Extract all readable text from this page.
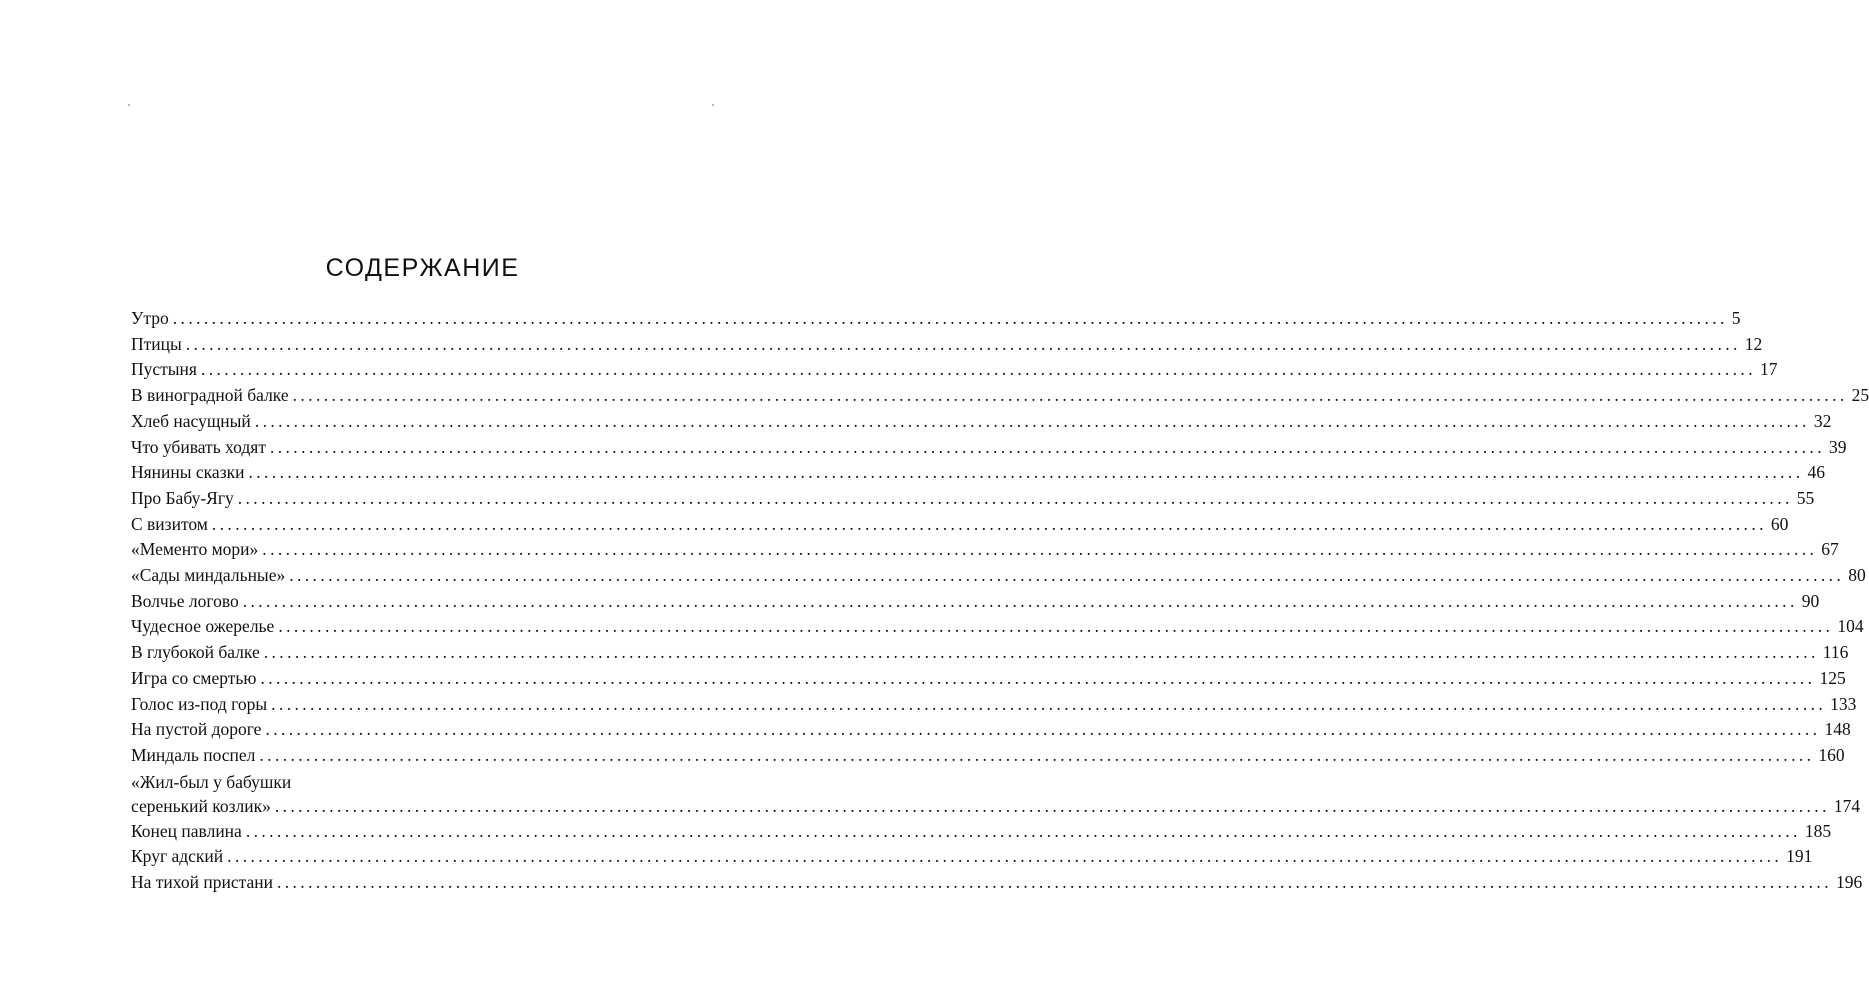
СОДЕРЖАНИЕ
Утро ........................................................................................................................................................................................................ 5
Птицы ........................................................................................................................................................................................................ 12
Пустыня ........................................................................................................................................................................................................ 17
В виноградной балке ........................................................................................................................................................................................................ 25
Хлеб насущный ........................................................................................................................................................................................................ 32
Что убивать ходят ........................................................................................................................................................................................................ 39
Нянины сказки ........................................................................................................................................................................................................ 46
Про Бабу-Ягу ........................................................................................................................................................................................................ 55
С визитом ........................................................................................................................................................................................................ 60
«Мементо мори» ........................................................................................................................................................................................................ 67
«Сады миндальные» ........................................................................................................................................................................................................ 80
Волчье логово ........................................................................................................................................................................................................ 90
Чудесное ожерелье ........................................................................................................................................................................................................ 104
В глубокой балке ........................................................................................................................................................................................................ 116
Игра со смертью ........................................................................................................................................................................................................ 125
Голос из-под горы ........................................................................................................................................................................................................ 133
На пустой дороге ........................................................................................................................................................................................................ 148
Миндаль поспел ........................................................................................................................................................................................................ 160
«Жил-был у бабушки
серенький козлик» ........................................................................................................................................................................................................ 174
Конец павлина ........................................................................................................................................................................................................ 185
Круг адский ........................................................................................................................................................................................................ 191
На тихой пристани ........................................................................................................................................................................................................ 196
